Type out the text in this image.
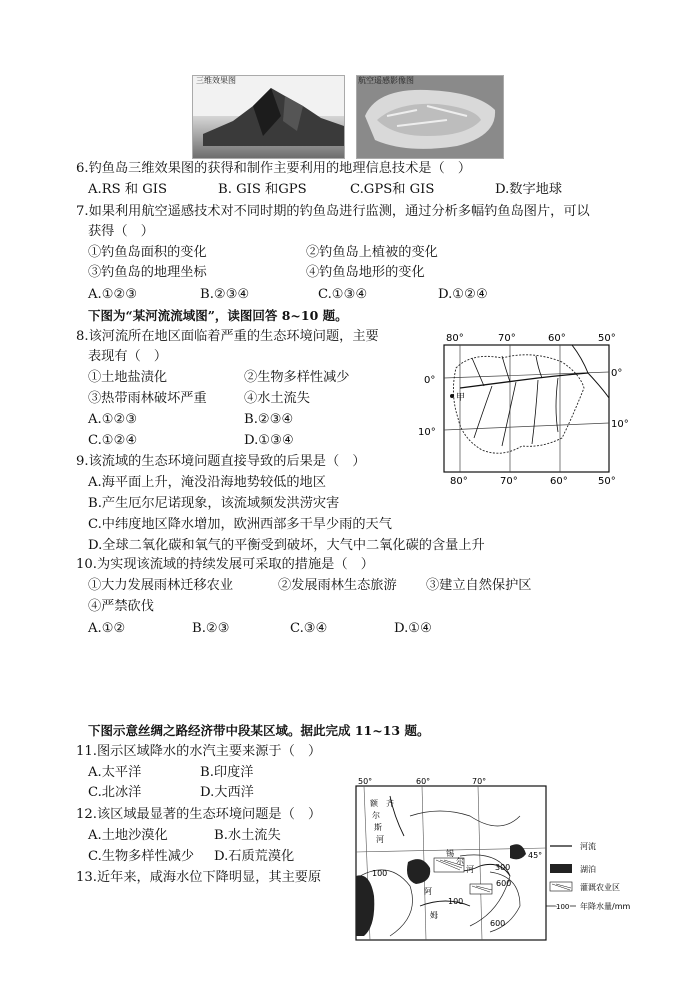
三维效果图	航空遥感影像图
6.钓鱼岛三维效果图的获得和制作主要利用的地理信息技术是（　）
A.RS 和 GIS	B. GIS 和GPS	C.GPS和 GIS	D.数字地球
7.如果利用航空遥感技术对不同时期的钓鱼岛进行监测，通过分析多幅钓鱼岛图片，可以
获得（　）
①钓鱼岛面积的变化	②钓鱼岛上植被的变化
③钓鱼岛的地理坐标	④钓鱼岛地形的变化
A.①②③	B.②③④	C.①③④	D.①②④
下图为“某河流流域图”，读图回答 8~10 题。
8.该河流所在地区面临着严重的生态环境问题，主要
表现有（　）
①土地盐渍化	②生物多样性减少
③热带雨林破坏严重	④水土流失
A.①②③	B.②③④
C.①②④	D.①③④
甲
80°	70°	60°	50°
80°	70°	60°	50°
0°
10°
0°
10°
9.该流域的生态环境问题直接导致的后果是（　）
A.海平面上升，淹没沿海地势较低的地区
B.产生厄尔尼诺现象，该流域频发洪涝灾害
C.中纬度地区降水增加，欧洲西部多干旱少雨的天气
D.全球二氧化碳和氧气的平衡受到破坏，大气中二氧化碳的含量上升
10.为实现该流域的持续发展可采取的措施是（　）
①大力发展雨林迁移农业	②发展雨林生态旅游 ③建立自然保护区
④严禁砍伐
A.①②	B.②③	C.③④	D.①④
下图示意丝绸之路经济带中段某区域。据此完成 11~13 题。
11.图示区域降水的水汽主要来源于（　）
A.太平洋	B.印度洋
C.北冰洋	D.大西洋
12.该区域最显著的生态环境问题是（　）
A.土地沙漠化	B.水土流失
C.生物多样性减少 D.石质荒漠化
13.近年来，咸海水位下降明显，其主要原
50°	60°	70°
45°
100
300
600
100
600
额
尔
齐
斯
河
锡
尔
河
阿
姆
河流
湖泊
灌溉农业区
100 年降水量/mm
